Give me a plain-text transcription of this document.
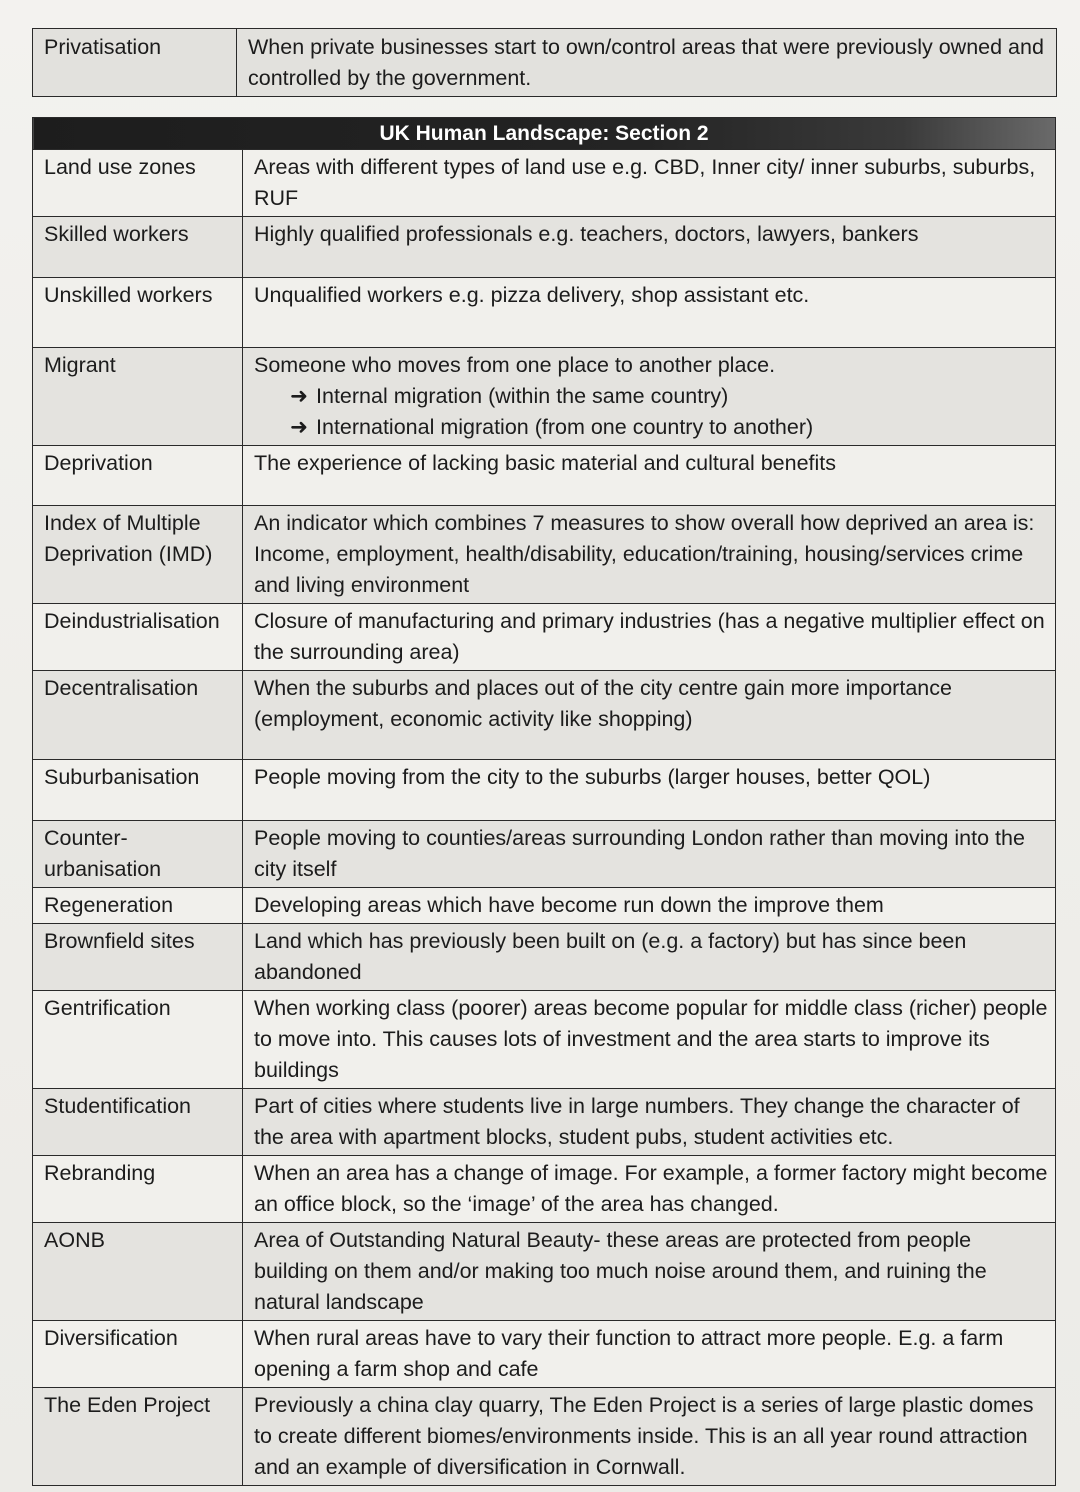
Privatisation	When private businesses start to own/control areas that were previously owned and controlled by the government.
UK Human Landscape: Section 2	
Land use zones	Areas with different types of land use e.g. CBD, Inner city/ inner suburbs, suburbs, RUF
Skilled workers	Highly qualified professionals e.g. teachers, doctors, lawyers, bankers
Unskilled workers	Unqualified workers e.g. pizza delivery, shop assistant etc.
Migrant	Someone who moves from one place to another place.
➜ Internal migration (within the same country)
➜ International migration (from one country to another)

Deprivation	The experience of lacking basic material and cultural benefits
Index of Multiple Deprivation (IMD)	An indicator which combines 7 measures to show overall how deprived an area is: Income, employment, health/disability, education/training, housing/services crime and living environment
Deindustrialisation	Closure of manufacturing and primary industries (has a negative multiplier effect on the surrounding area)
Decentralisation	When the suburbs and places out of the city centre gain more importance (employment, economic activity like shopping)
Suburbanisation	People moving from the city to the suburbs (larger houses, better QOL)
Counter-urbanisation	People moving to counties/areas surrounding London rather than moving into the city itself
Regeneration	Developing areas which have become run down the improve them
Brownfield sites	Land which has previously been built on (e.g. a factory) but has since been abandoned
Gentrification	When working class (poorer) areas become popular for middle class (richer) people to move into. This causes lots of investment and the area starts to improve its buildings
Studentification	Part of cities where students live in large numbers. They change the character of the area with apartment blocks, student pubs, student activities etc.
Rebranding	When an area has a change of image. For example, a former factory might become an office block, so the ‘image’ of the area has changed.
AONB	Area of Outstanding Natural Beauty- these areas are protected from people building on them and/or making too much noise around them, and ruining the natural landscape
Diversification	When rural areas have to vary their function to attract more people. E.g. a farm opening a farm shop and cafe
The Eden Project	Previously a china clay quarry, The Eden Project is a series of large plastic domes to create different biomes/environments inside. This is an all year round attraction and an example of diversification in Cornwall.
